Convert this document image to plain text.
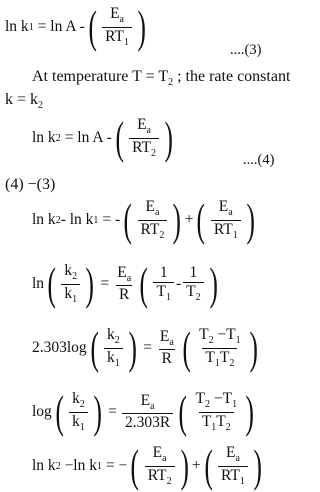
ln k 1 = ln A - ( $\frac{Ea}{RT1}$ )	....(3)
At temperature T = T2 ; the rate constant
k = k2
ln k 2 = ln A - ( $\frac{Ea}{RT2}$ )	....(4)
(4) −(3)
ln k 2 - ln k 1 = - ( $\frac{Ea}{RT2}$ ) + ( $\frac{Ea}{RT1}$ )
ln ( $\frac{k2}{k1}$ ) = $\frac{Ea}{R}$ ( $\frac{1}{T1} - \frac{1}{T2}$ )
2.303log ( $\frac{k2}{k1}$ ) = $\frac{Ea}{R}$ ( $\frac{T2 -T1}{T1T2}$ )
log ( $\frac{k2}{k1}$ ) = $\frac{Ea}{2.303R}$ ( $\frac{T2 -T1}{T1T2}$ )
ln k 2 −ln k 1 = − ( $\frac{Ea}{RT2}$ ) + ( $\frac{Ea}{RT1}$ )
